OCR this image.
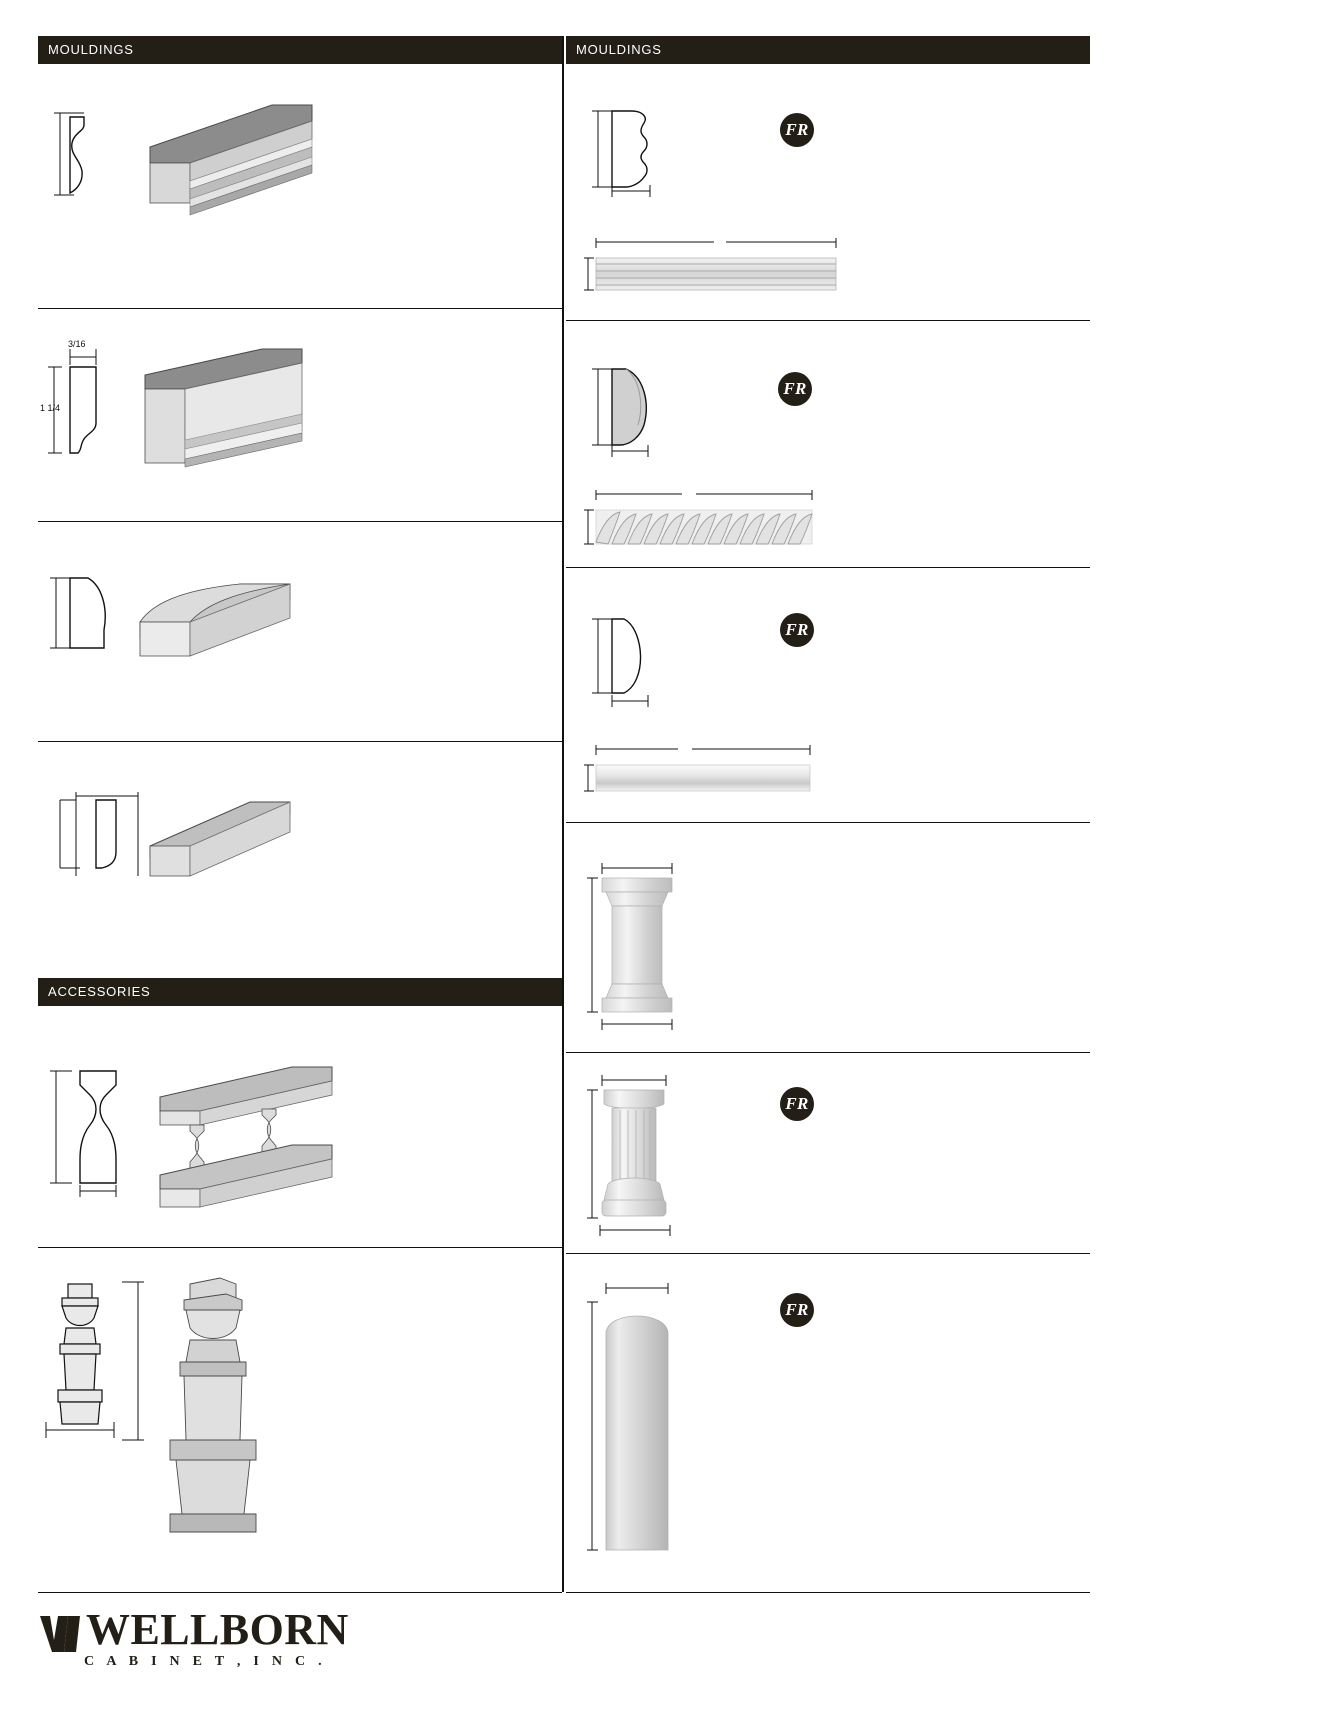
MOULDINGS	MOULDINGS
ACCESSORIES
3/16
1 1/4
FR
FR
FR
FR
FR
WELLBORN
C A B I N E T , I N C .
